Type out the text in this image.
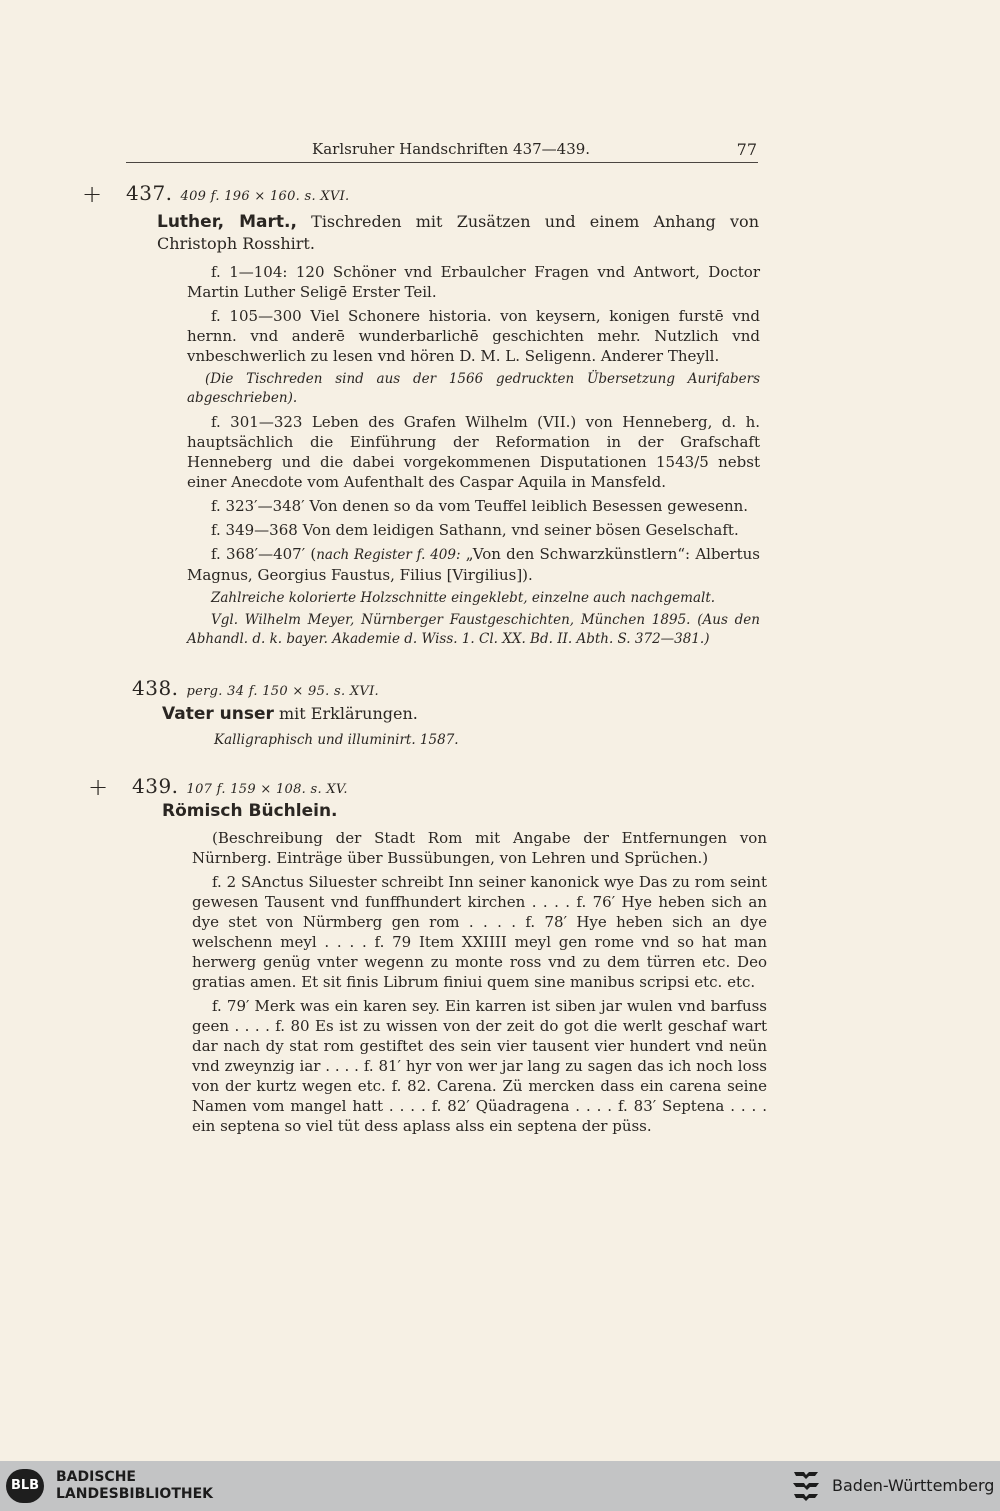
Karlsruher Handschriften 437—439.	77
+ 437. 409 f. 196 × 160. s. XVI.
Luther, Mart., Tischreden mit Zusätzen und einem Anhang von Christoph Rosshirt.
f. 1—104: 120 Schöner vnd Erbaulcher Fragen vnd Antwort, Doctor Martin Luther Seligē Erster Teil.
f. 105—300 Viel Schonere historia. von keysern, konigen furstē vnd hernn. vnd anderē wunderbarlichē geschichten mehr. Nutzlich vnd vnbeschwerlich zu lesen vnd hören D. M. L. Seligenn. Anderer Theyll.
(Die Tischreden sind aus der 1566 gedruckten Übersetzung Aurifabers abgeschrieben).
f. 301—323 Leben des Grafen Wilhelm (VII.) von Henneberg, d. h. hauptsächlich die Einführung der Reformation in der Grafschaft Henneberg und die dabei vorgekommenen Disputationen 1543/5 nebst einer Anecdote vom Aufenthalt des Caspar Aquila in Mansfeld.
f. 323′—348′ Von denen so da vom Teuffel leiblich Besessen gewesenn.
f. 349—368 Von dem leidigen Sathann, vnd seiner bösen Geselschaft.
f. 368′—407′ (nach Register f. 409: „Von den Schwarzkünstlern“: Albertus Magnus, Georgius Faustus, Filius [Virgilius]).
Zahlreiche kolorierte Holzschnitte eingeklebt, einzelne auch nachgemalt.
Vgl. Wilhelm Meyer, Nürnberger Faustgeschichten, München 1895. (Aus den Abhandl. d. k. bayer. Akademie d. Wiss. 1. Cl. XX. Bd. II. Abth. S. 372—381.)
438. perg. 34 f. 150 × 95. s. XVI.
Vater unser mit Erklärungen.
Kalligraphisch und illuminirt. 1587.
+ 439. 107 f. 159 × 108. s. XV.
Römisch Büchlein.
(Beschreibung der Stadt Rom mit Angabe der Entfernungen von Nürnberg. Einträge über Bussübungen, von Lehren und Sprüchen.)
f. 2 SAnctus Siluester schreibt Inn seiner kanonick wye Das zu rom seint gewesen Tausent vnd funffhundert kirchen . . . . f. 76′ Hye heben sich an dye stet von Nürmberg gen rom . . . . f. 78′ Hye heben sich an dye welschenn meyl . . . . f. 79 Item XXIIII meyl gen rome vnd so hat man herwerg genüg vnter wegenn zu monte ross vnd zu dem türren etc. Deo gratias amen. Et sit finis Librum finiui quem sine manibus scripsi etc. etc.
f. 79′ Merk was ein karen sey. Ein karren ist siben jar wulen vnd barfuss geen . . . . f. 80 Es ist zu wissen von der zeit do got die werlt geschaf wart dar nach dy stat rom gestiftet des sein vier tausent vier hundert vnd neün vnd zweynzig iar . . . . f. 81′ hyr von wer jar lang zu sagen das ich noch loss von der kurtz wegen etc. f. 82. Carena. Zü mercken dass ein carena seine Namen vom mangel hatt . . . . f. 82′ Qüadragena . . . . f. 83′ Septena . . . . ein septena so viel tüt dess aplass alss ein septena der püss.
BLB
BADISCHE
LANDESBIBLIOTHEK	Baden-Württemberg
